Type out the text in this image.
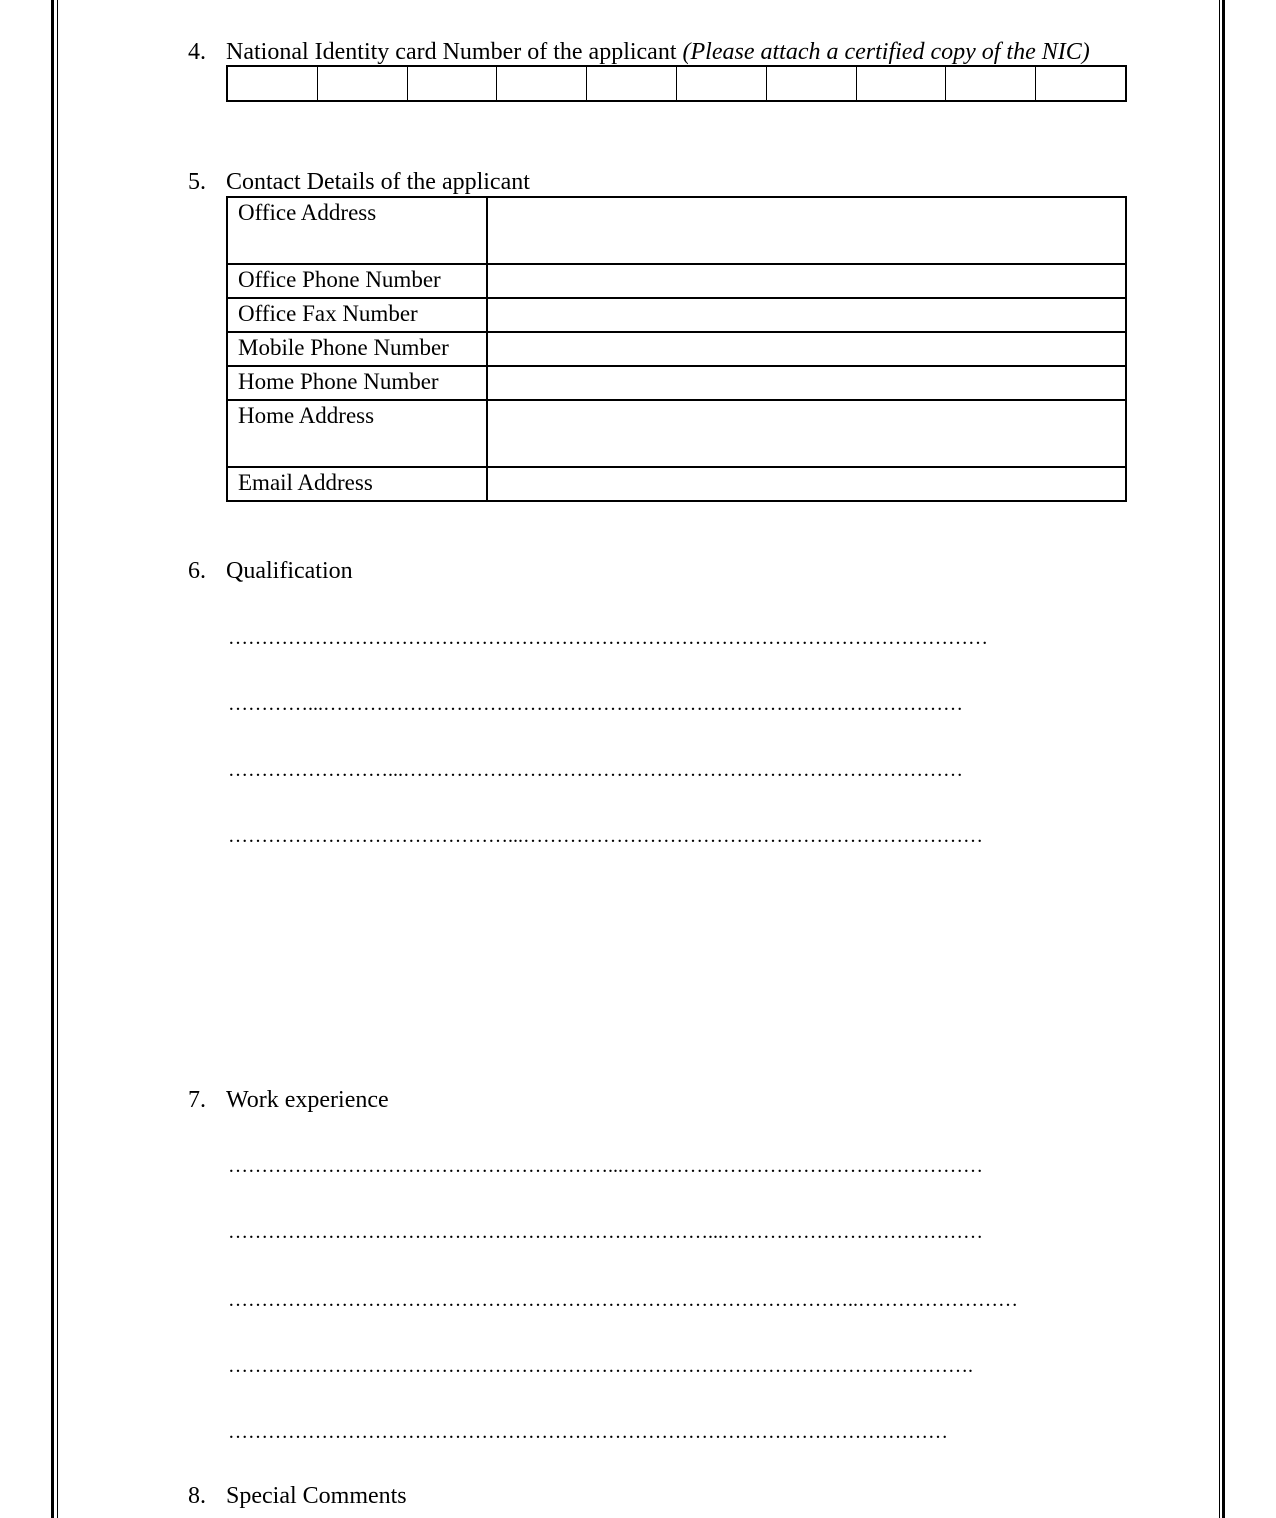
4. National Identity card Number of the applicant (Please attach a certified copy of the NIC)
5. Contact Details of the applicant
Office Address	
Office Phone Number	
Office Fax Number	
Mobile Phone Number	
Home Phone Number	
Home Address	
Email Address	
6. Qualification
……………………………………………………………………………………………………
…………...……………………………………………………………………………………
……………………...…………………………………………………………………………
……………………………………...……………………………………………………………
7. Work experience
…………………………………………………...………………………………………………
………………………………………………………………...…………………………………
…………………………………………………………………………………..……………………
………………………………………………………………………………………………….
………………………………………………………………………………………………
8. Special Comments
